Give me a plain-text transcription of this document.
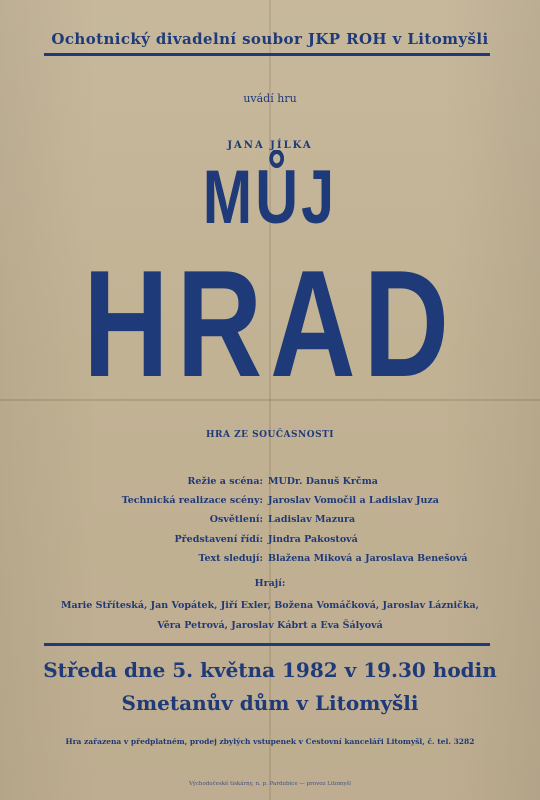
Ochotnický divadelní soubor JKP ROH v Litomyšli
uvádí hru
JANA JÍLKA
MŮJ
HRAD
HRA ZE SOUČASNOSTI
Režie a scéna: MUDr. Danuš Krčma
Technická realizace scény: Jaroslav Vomočil a Ladislav Juza
Osvětlení: Ladislav Mazura
Představení řídí: Jindra Pakostová
Text sledují: Blažena Miková a Jaroslava Benešová
Hrají:
Marie Stříteská, Jan Vopátek, Jiří Exler, Božena Vomáčková, Jaroslav Láznička,
Věra Petrová, Jaroslav Kábrt a Eva Šályová
Středa dne 5. května 1982 v 19.30 hodin
Smetanův dům v Litomyšli
Hra zařazena v předplatném, prodej zbylých vstupenek v Cestovní kanceláři Litomyšl, č. tel. 3282
Východočeské tiskárny, n. p. Pardubice — provoz Litomyšl
